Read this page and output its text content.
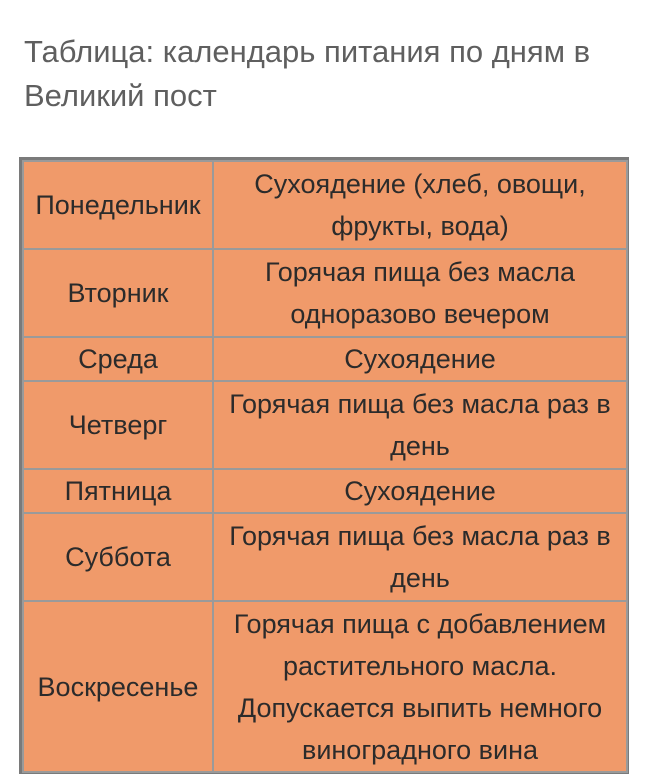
Таблица: календарь питания по дням в Великий пост
Понедельник	Сухоядение (хлеб, овощи, фрукты, вода)
Вторник	Горячая пища без масла одноразово вечером
Среда	Сухоядение
Четверг	Горячая пища без масла раз в день
Пятница	Сухоядение
Суббота	Горячая пища без масла раз в день
Воскресенье	Горячая пища с добавлением растительного масла. Допускается выпить немного виноградного вина
